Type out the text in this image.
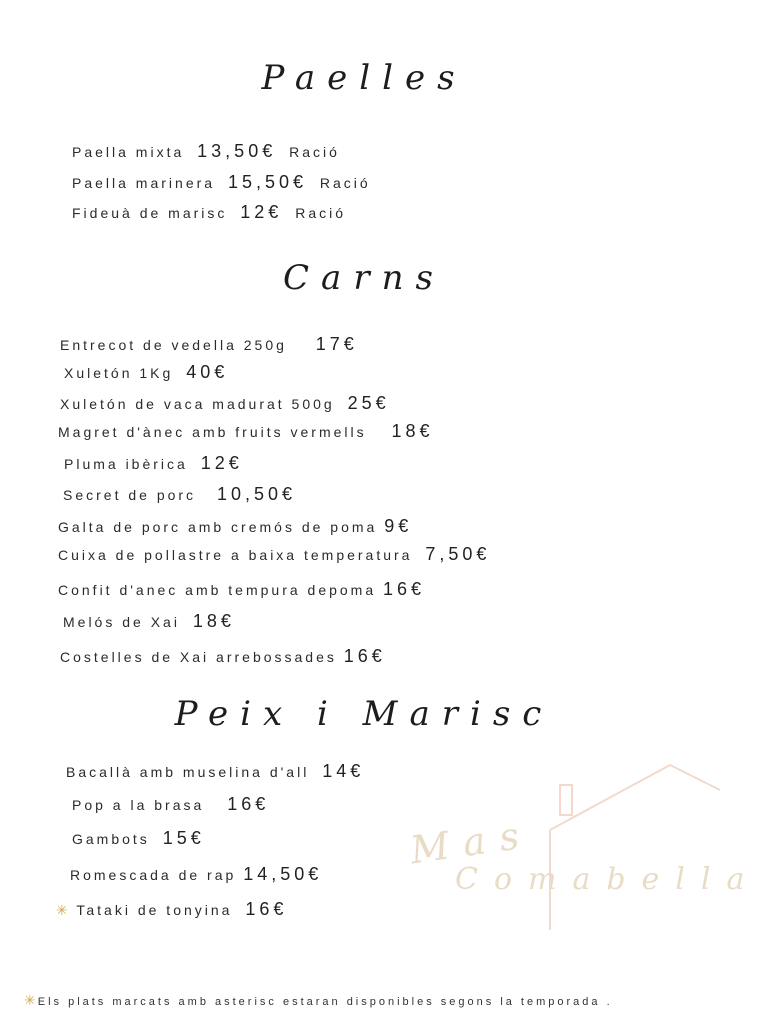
Paelles
Paella mixta 13,50€ Ració
Paella marinera 15,50€ Ració
Fideuà de marisc 12€ Ració
Carns
Entrecot de vedella 250g 17€
Xuletón 1Kg 40€
Xuletón de vaca madurat 500g 25€
Magret d'ànec amb fruits vermells 18€
Pluma ibèrica 12€
Secret de porc 10,50€
Galta de porc amb cremós de poma 9€
Cuixa de pollastre a baixa temperatura 7,50€
Confit d'anec amb tempura depoma 16€
Melós de Xai 18€
Costelles de Xai arrebossades 16€
Peix i Marisc
Bacallà amb muselina d'all 14€
Pop a la brasa 16€
Gambots 15€
Romescada de rap 14,50€
✳ Tataki de tonyina 16€
Mas
Comabella
✳ Els plats marcats amb asterisc estaran disponibles segons la temporada .
